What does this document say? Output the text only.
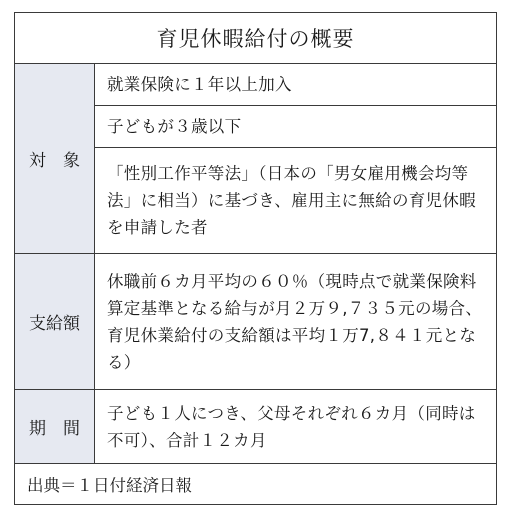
育児休暇給付の概要	
対　象	就業保険に１年以上加入
	子どもが３歳以下
	「性別工作平等法」（日本の「男女雇用機会均等法」に相当）に基づき、雇用主に無給の育児休暇を申請した者
支給額	休職前６カ月平均の６０％（現時点で就業保険料算定基準となる給与が月２万９,７３５元の場合、育児休業給付の支給額は平均１万7,８４１元となる）
期　間	子ども１人につき、父母それぞれ６カ月（同時は不可）、合計１２カ月
出典＝１日付経済日報	
